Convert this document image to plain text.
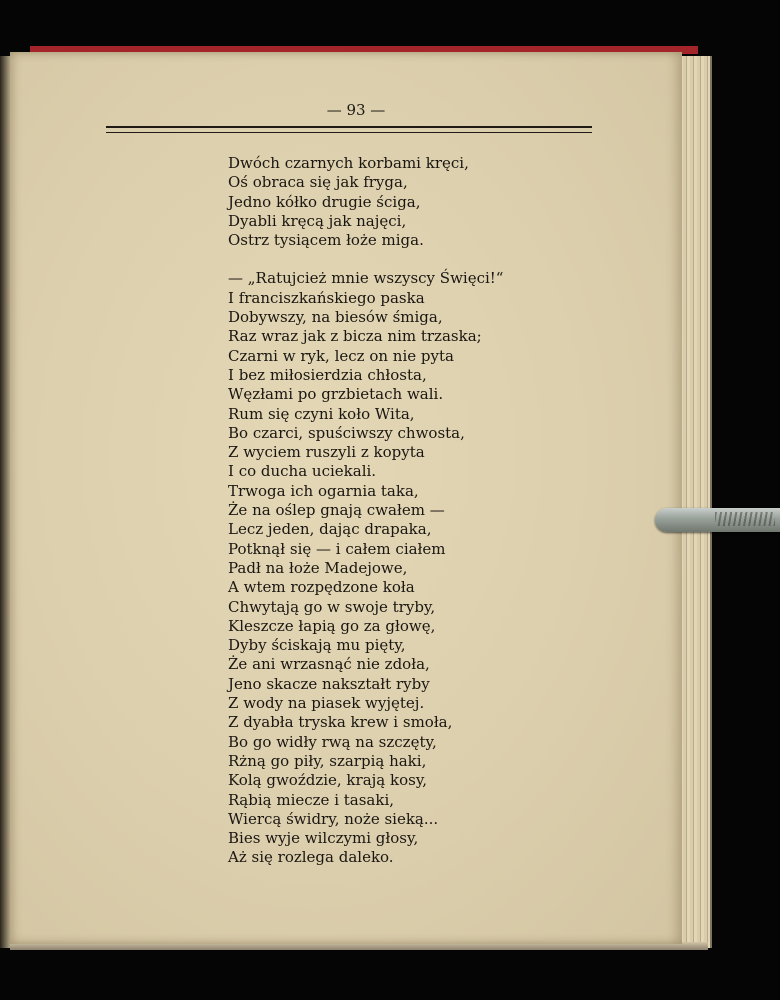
— 93 —
Dwóch czarnych korbami kręci,
Oś obraca się jak fryga,
Jedno kółko drugie ściga,
Dyabli kręcą jak najęci,
Ostrz tysiącem łoże miga.
— „Ratujcież mnie wszyscy Święci!“
I franciszkańskiego paska
Dobywszy, na biesów śmiga,
Raz wraz jak z bicza nim trzaska;
Czarni w ryk, lecz on nie pyta
I bez miłosierdzia chłosta,
Węzłami po grzbietach wali.
Rum się czyni koło Wita,
Bo czarci, spuściwszy chwosta,
Z wyciem ruszyli z kopyta
I co ducha uciekali.
Trwoga ich ogarnia taka,
Że na oślep gnają cwałem —
Lecz jeden, dając drapaka,
Potknął się — i całem ciałem
Padł na łoże Madejowe,
A wtem rozpędzone koła
Chwytają go w swoje tryby,
Kleszcze łapią go za głowę,
Dyby ściskają mu pięty,
Że ani wrzasnąć nie zdoła,
Jeno skacze nakształt ryby
Z wody na piasek wyjętej.
Z dyabła tryska krew i smoła,
Bo go widły rwą na szczęty,
Rżną go piły, szarpią haki,
Kolą gwoździe, krają kosy,
Rąbią miecze i tasaki,
Wiercą świdry, noże sieką...
Bies wyje wilczymi głosy,
Aż się rozlega daleko.
